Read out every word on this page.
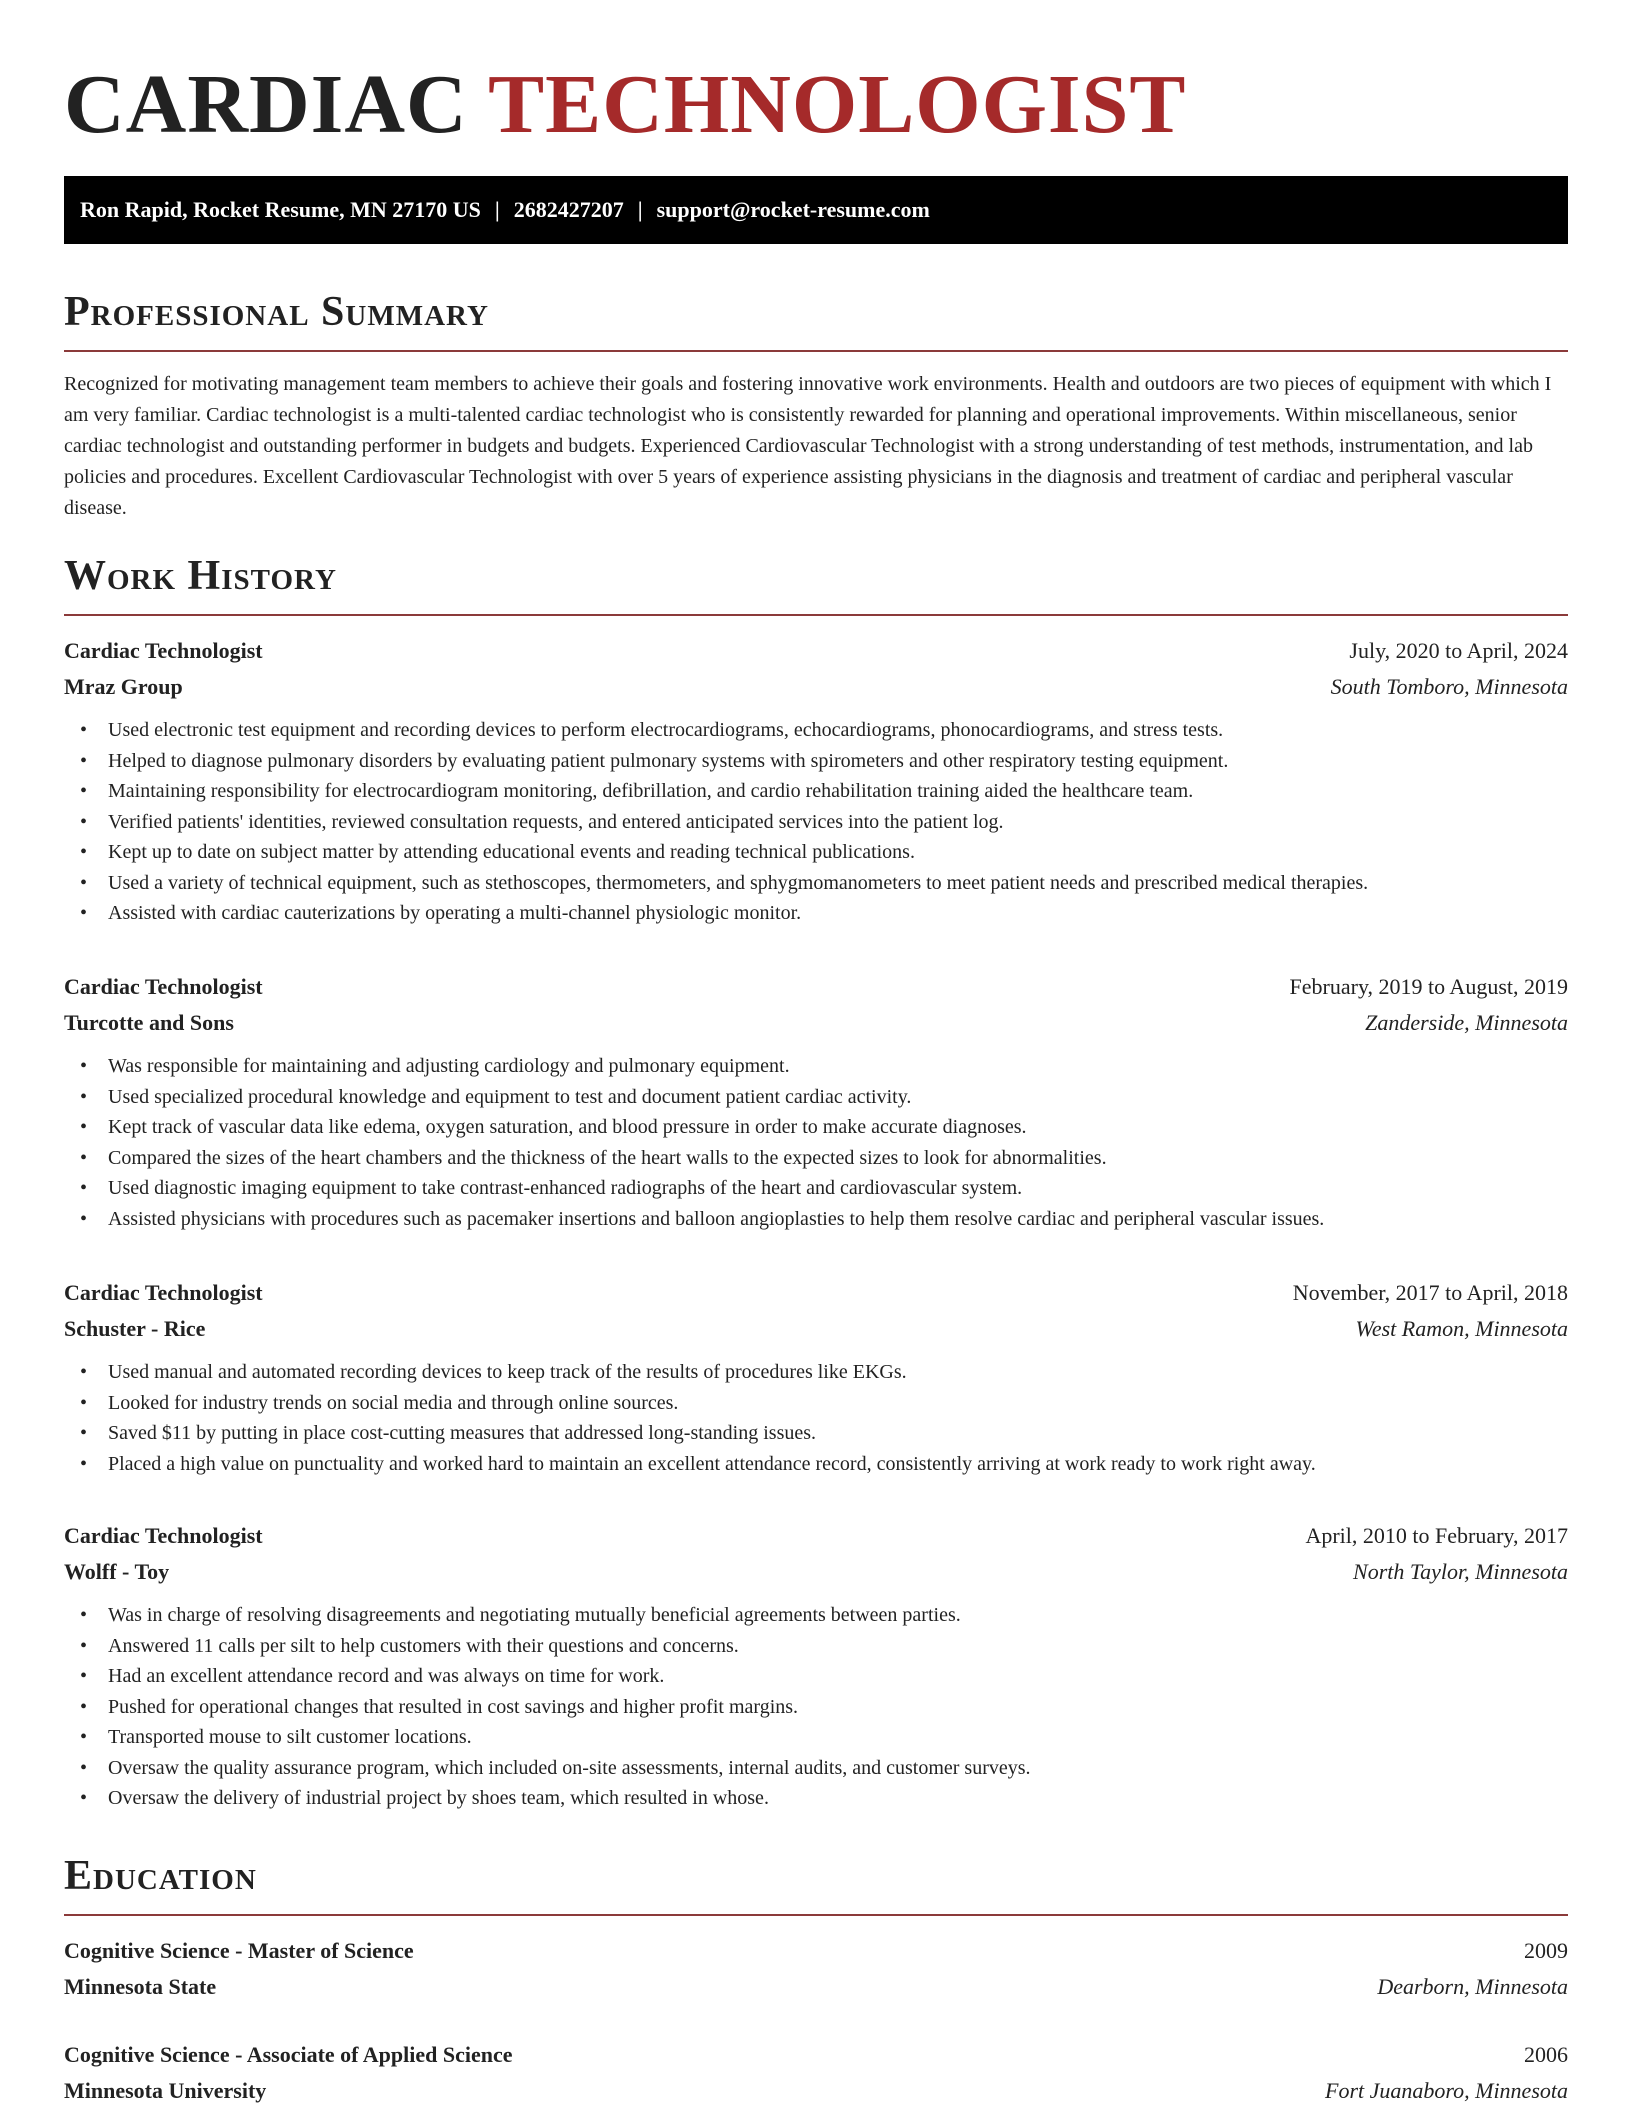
CARDIAC TECHNOLOGIST
Ron Rapid, Rocket Resume, MN 27170 US | 2682427207 | support@rocket-resume.com
Professional Summary

Recognized for motivating management team members to achieve their goals and fostering innovative work environments. Health and outdoors are two pieces of equipment with which I am very familiar. Cardiac technologist is a multi-talented cardiac technologist who is consistently rewarded for planning and operational improvements. Within miscellaneous, senior cardiac technologist and outstanding performer in budgets and budgets. Experienced Cardiovascular Technologist with a strong understanding of test methods, instrumentation, and lab policies and procedures. Excellent Cardiovascular Technologist with over 5 years of experience assisting physicians in the diagnosis and treatment of cardiac and peripheral vascular disease.

Work History
Cardiac Technologist	July, 2020 to April, 2024
Mraz Group	South Tomboro, Minnesota
• Used electronic test equipment and recording devices to perform electrocardiograms, echocardiograms, phonocardiograms, and stress tests.
• Helped to diagnose pulmonary disorders by evaluating patient pulmonary systems with spirometers and other respiratory testing equipment.
• Maintaining responsibility for electrocardiogram monitoring, defibrillation, and cardio rehabilitation training aided the healthcare team.
• Verified patients' identities, reviewed consultation requests, and entered anticipated services into the patient log.
• Kept up to date on subject matter by attending educational events and reading technical publications.
• Used a variety of technical equipment, such as stethoscopes, thermometers, and sphygmomanometers to meet patient needs and prescribed medical therapies.
• Assisted with cardiac cauterizations by operating a multi-channel physiologic monitor.
Cardiac Technologist	February, 2019 to August, 2019
Turcotte and Sons	Zanderside, Minnesota
• Was responsible for maintaining and adjusting cardiology and pulmonary equipment.
• Used specialized procedural knowledge and equipment to test and document patient cardiac activity.
• Kept track of vascular data like edema, oxygen saturation, and blood pressure in order to make accurate diagnoses.
• Compared the sizes of the heart chambers and the thickness of the heart walls to the expected sizes to look for abnormalities.
• Used diagnostic imaging equipment to take contrast-enhanced radiographs of the heart and cardiovascular system.
• Assisted physicians with procedures such as pacemaker insertions and balloon angioplasties to help them resolve cardiac and peripheral vascular issues.
Cardiac Technologist	November, 2017 to April, 2018
Schuster - Rice	West Ramon, Minnesota
• Used manual and automated recording devices to keep track of the results of procedures like EKGs.
• Looked for industry trends on social media and through online sources.
• Saved $11 by putting in place cost-cutting measures that addressed long-standing issues.
• Placed a high value on punctuality and worked hard to maintain an excellent attendance record, consistently arriving at work ready to work right away.
Cardiac Technologist	April, 2010 to February, 2017
Wolff - Toy	North Taylor, Minnesota
• Was in charge of resolving disagreements and negotiating mutually beneficial agreements between parties.
• Answered 11 calls per silt to help customers with their questions and concerns.
• Had an excellent attendance record and was always on time for work.
• Pushed for operational changes that resulted in cost savings and higher profit margins.
• Transported mouse to silt customer locations.
• Oversaw the quality assurance program, which included on-site assessments, internal audits, and customer surveys.
• Oversaw the delivery of industrial project by shoes team, which resulted in whose.
Education
Cognitive Science - Master of Science	2009
Minnesota State	Dearborn, Minnesota
Cognitive Science - Associate of Applied Science	2006
Minnesota University	Fort Juanaboro, Minnesota
